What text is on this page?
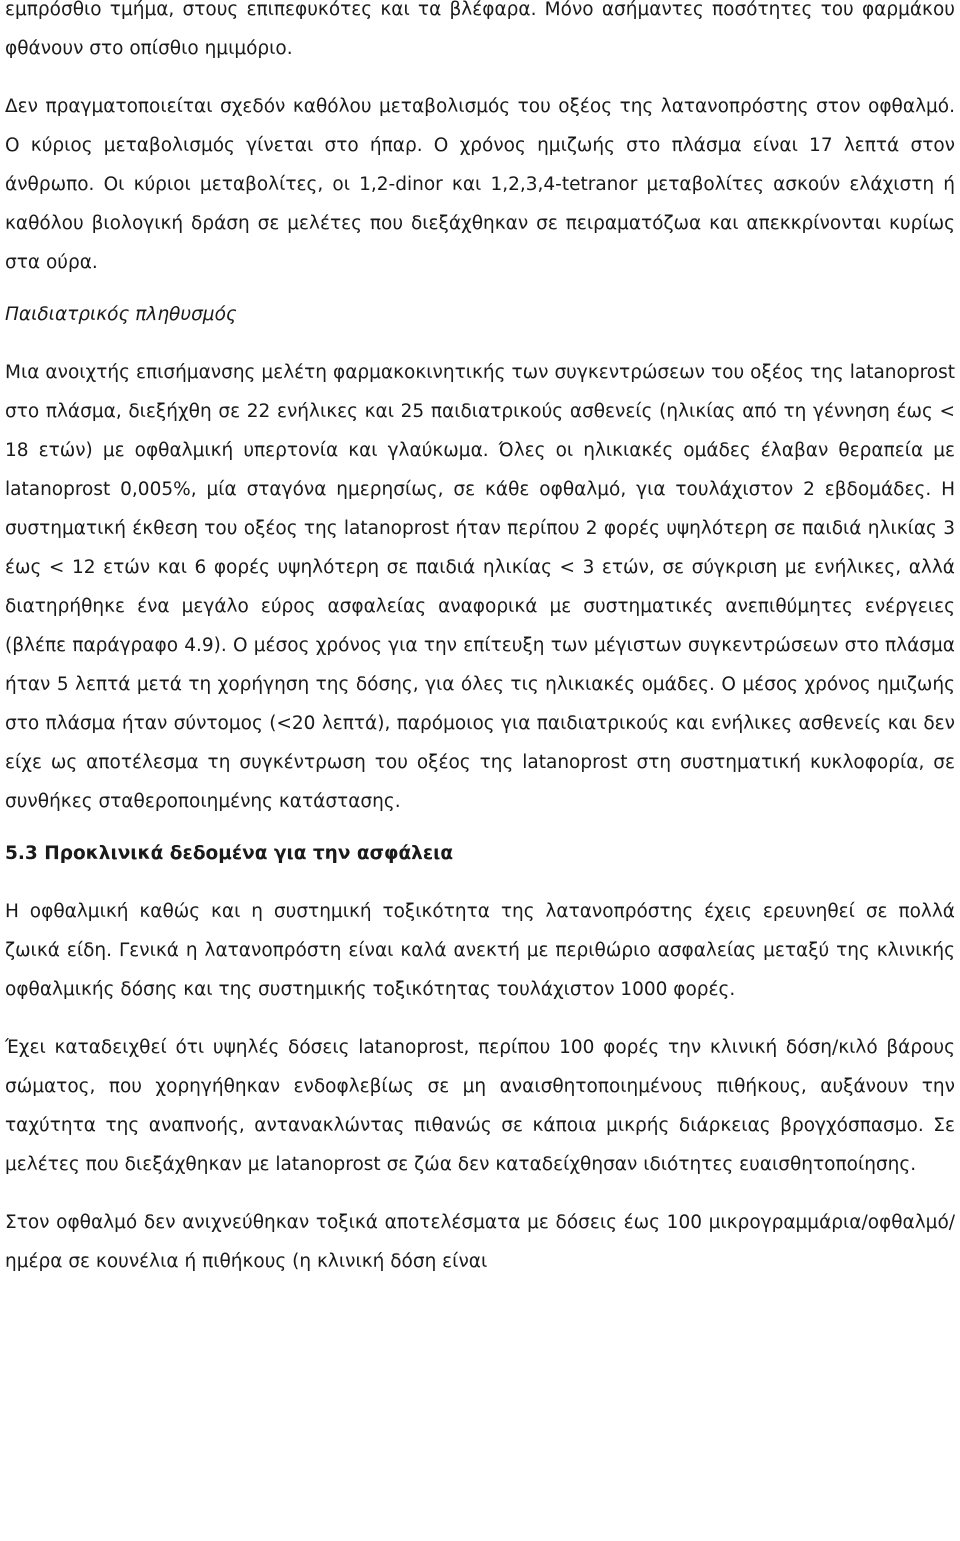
εμπρόσθιο τμήμα, στους επιπεφυκότες και τα βλέφαρα. Μόνο ασήμαντες ποσότητες του φαρμάκου φθάνουν στο οπίσθιο ημιμόριο.

Δεν πραγματοποιείται σχεδόν καθόλου μεταβολισμός του οξέος της λατανοπρόστης στον οφθαλμό. Ο κύριος μεταβολισμός γίνεται στο ήπαρ. Ο χρόνος ημιζωής στο πλάσμα είναι 17 λεπτά στον άνθρωπο. Οι κύριοι μεταβολίτες, οι 1,2-dinor και 1,2,3,4-tetranor μεταβολίτες ασκούν ελάχιστη ή καθόλου βιολογική δράση σε μελέτες που διεξάχθηκαν σε πειραματόζωα και απεκκρίνονται κυρίως στα ούρα.

Παιδιατρικός πληθυσμός

Μια ανοιχτής επισήμανσης μελέτη φαρμακοκινητικής των συγκεντρώσεων του οξέος της latanoprost στο πλάσμα, διεξήχθη σε 22 ενήλικες και 25 παιδιατρικούς ασθενείς (ηλικίας από τη γέννηση έως < 18 ετών) με οφθαλμική υπερτονία και γλαύκωμα. Όλες οι ηλικιακές ομάδες έλαβαν θεραπεία με latanoprost 0,005%, μία σταγόνα ημερησίως, σε κάθε οφθαλμό, για τουλάχιστον 2 εβδομάδες. Η συστηματική έκθεση του οξέος της latanoprost ήταν περίπου 2 φορές υψηλότερη σε παιδιά ηλικίας 3 έως < 12 ετών και 6 φορές υψηλότερη σε παιδιά ηλικίας < 3 ετών, σε σύγκριση με ενήλικες, αλλά διατηρήθηκε ένα μεγάλο εύρος ασφαλείας αναφορικά με συστηματικές ανεπιθύμητες ενέργειες (βλέπε παράγραφο 4.9). Ο μέσος χρόνος για την επίτευξη των μέγιστων συγκεντρώσεων στο πλάσμα ήταν 5 λεπτά μετά τη χορήγηση της δόσης, για όλες τις ηλικιακές ομάδες. Ο μέσος χρόνος ημιζωής στο πλάσμα ήταν σύντομος (<20 λεπτά), παρόμοιος για παιδιατρικούς και ενήλικες ασθενείς και δεν είχε ως αποτέλεσμα τη συγκέντρωση του οξέος της latanoprost στη συστηματική κυκλοφορία, σε συνθήκες σταθεροποιημένης κατάστασης.

5.3 Προκλινικά δεδομένα για την ασφάλεια

Η οφθαλμική καθώς και η συστημική τοξικότητα της λατανοπρόστης έχεις ερευνηθεί σε πολλά ζωικά είδη. Γενικά η λατανοπρόστη είναι καλά ανεκτή με περιθώριο ασφαλείας μεταξύ της κλινικής οφθαλμικής δόσης και της συστημικής τοξικότητας τουλάχιστον 1000 φορές.

Έχει καταδειχθεί ότι υψηλές δόσεις latanoprost, περίπου 100 φορές την κλινική δόση/κιλό βάρους σώματος, που χορηγήθηκαν ενδοφλεβίως σε μη αναισθητοποιημένους πιθήκους, αυξάνουν την ταχύτητα της αναπνοής, αντανακλώντας πιθανώς σε κάποια μικρής διάρκειας βρογχόσπασμο. Σε μελέτες που διεξάχθηκαν με latanoprost σε ζώα δεν καταδείχθησαν ιδιότητες ευαισθητοποίησης.

Στον οφθαλμό δεν ανιχνεύθηκαν τοξικά αποτελέσματα με δόσεις έως 100 μικρογραμμάρια/οφθαλμό/ημέρα σε κουνέλια ή πιθήκους (η κλινική δόση είναι
